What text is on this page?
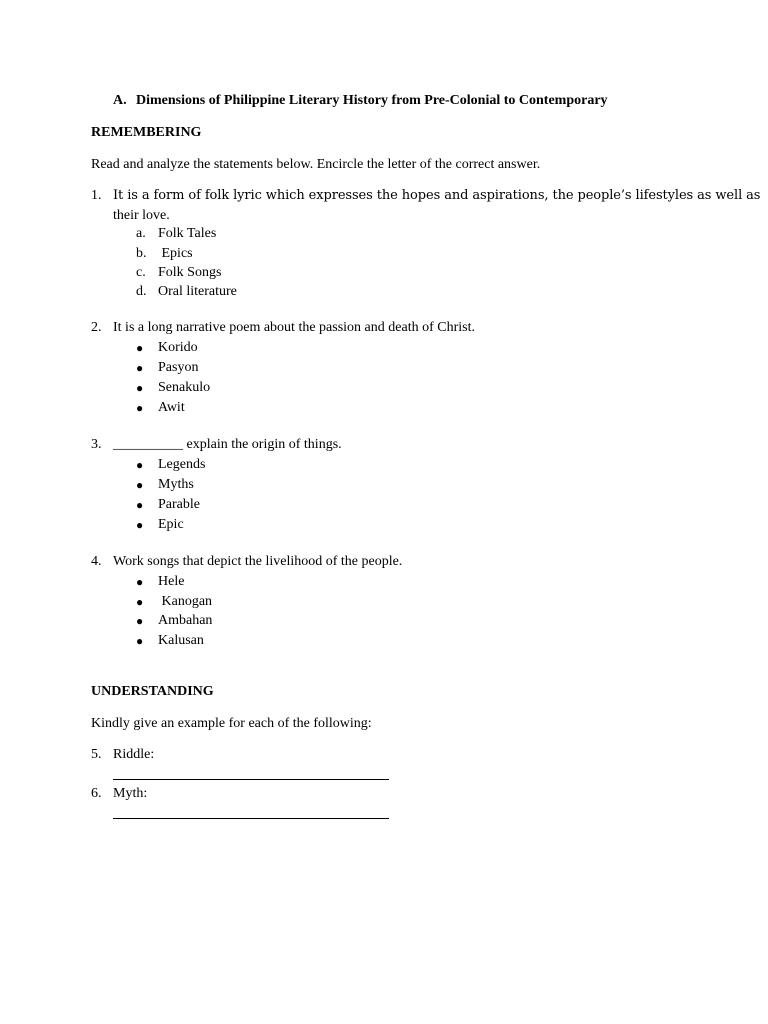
A. Dimensions of Philippine Literary History from Pre-Colonial to Contemporary
REMEMBERING
Read and analyze the statements below. Encircle the letter of the correct answer.
1. It is a form of folk lyric which expresses the hopes and aspirations, the people’s lifestyles as well as
their love.
a. Folk Tales
b. Epics
c. Folk Songs
d. Oral literature
2. It is a long narrative poem about the passion and death of Christ.
● Korido
● Pasyon
● Senakulo
● Awit
3. __________ explain the origin of things.
● Legends
● Myths
● Parable
● Epic
4. Work songs that depict the livelihood of the people.
● Hele
● Kanogan
● Ambahan
● Kalusan
UNDERSTANDING
Kindly give an example for each of the following:
5. Riddle:
6. Myth:
